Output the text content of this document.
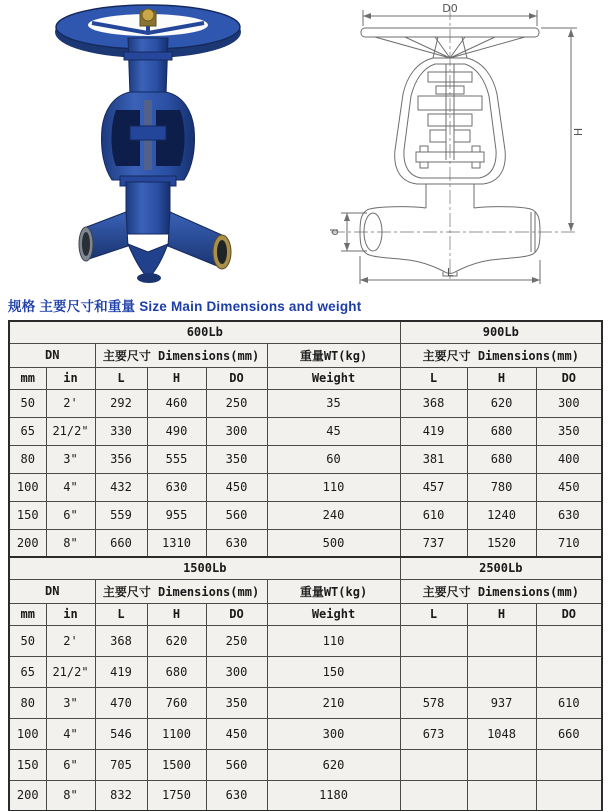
D0
d
H
L
规格 主要尺寸和重量 Size Main Dimensions and weight
600Lb						900Lb		
DN		主要尺寸 Dimensions(mm)			重量WT(kg)	主要尺寸 Dimensions(mm)		
mm	in	L	H	DO	Weight	L	H	DO
50	2'	292	460	250	35	368	620	300
65	21/2"	330	490	300	45	419	680	350
80	3"	356	555	350	60	381	680	400
100	4"	432	630	450	110	457	780	450
150	6"	559	955	560	240	610	1240	630
200	8"	660	1310	630	500	737	1520	710
1500Lb						2500Lb		
DN		主要尺寸 Dimensions(mm)			重量WT(kg)	主要尺寸 Dimensions(mm)		
mm	in	L	H	DO	Weight	L	H	DO
50	2'	368	620	250	110			
65	21/2"	419	680	300	150			
80	3"	470	760	350	210	578	937	610
100	4"	546	1100	450	300	673	1048	660
150	6"	705	1500	560	620			
200	8"	832	1750	630	1180			
